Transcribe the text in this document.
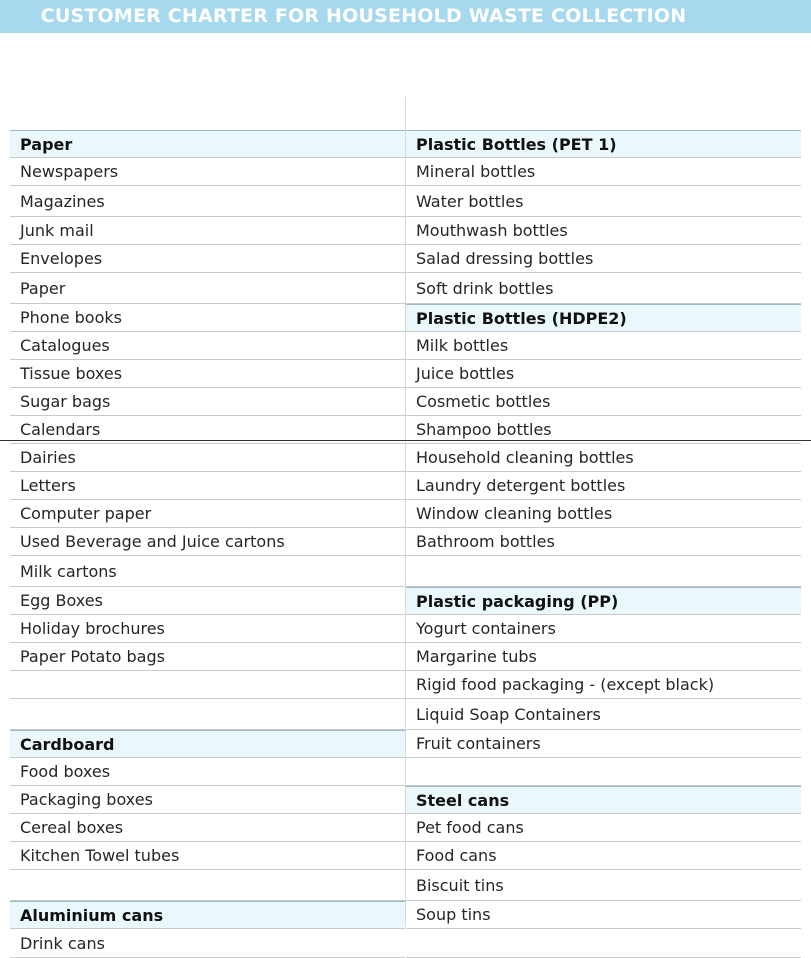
CUSTOMER CHARTER FOR HOUSEHOLD WASTE COLLECTION
Paper
Newspapers
Magazines
Junk mail
Envelopes
Paper
Phone books
Catalogues
Tissue boxes
Sugar bags
Calendars
Dairies
Letters
Computer paper
Used Beverage and Juice cartons
Milk cartons
Egg Boxes
Holiday brochures
Paper Potato bags
Cardboard
Food boxes
Packaging boxes
Cereal boxes
Kitchen Towel tubes
Aluminium cans
Drink cans
Plastic Bottles (PET 1)
Mineral bottles
Water bottles
Mouthwash bottles
Salad dressing bottles
Soft drink bottles
Plastic Bottles (HDPE2)
Milk bottles
Juice bottles
Cosmetic bottles
Shampoo bottles
Household cleaning bottles
Laundry detergent bottles
Window cleaning bottles
Bathroom bottles
Plastic packaging (PP)
Yogurt containers
Margarine tubs
Rigid food packaging - (except black)
Liquid Soap Containers
Fruit containers
Steel cans
Pet food cans
Food cans
Biscuit tins
Soup tins
